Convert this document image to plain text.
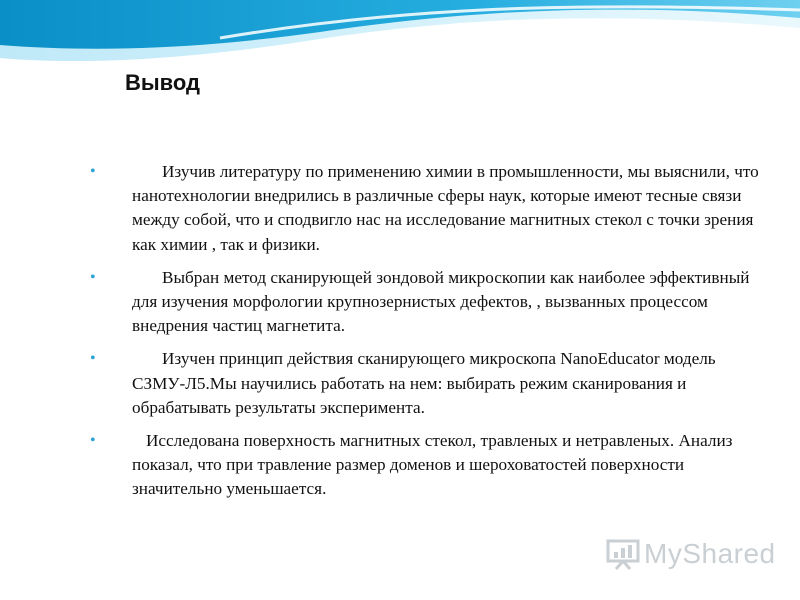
Вывод
•	Изучив литературу по применению химии в промышленности, мы выяснили, что нанотехнологии внедрились в различные сферы наук, которые имеют тесные связи между собой, что и сподвигло нас на исследование магнитных стекол с точки зрения как химии , так и физики.
•	Выбран метод сканирующей зондовой микроскопии как наиболее эффективный для изучения морфологии крупнозернистых дефектов, , вызванных процессом внедрения частиц магнетита.
•	Изучен принцип действия сканирующего микроскопа NanoEducator модель СЗМУ-Л5.Мы научились работать на нем: выбирать режим сканирования и обрабатывать результаты эксперимента.
•	Исследована поверхность магнитных стекол, травленых и нетравленых. Анализ показал, что при травление размер доменов и шероховатостей поверхности значительно уменьшается.
MyShared
